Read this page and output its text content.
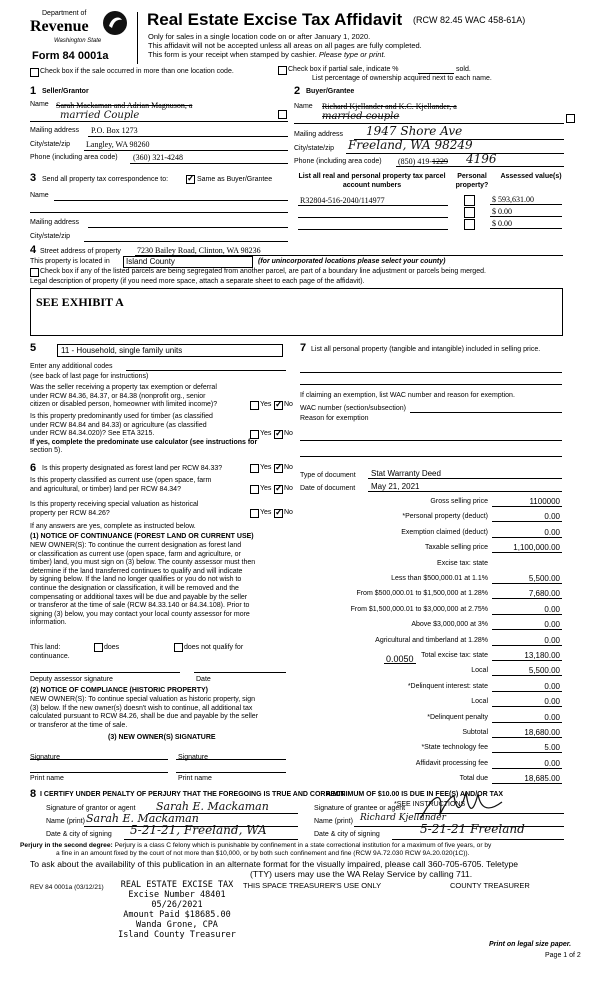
Department of
Revenue
Washington State
Form 84 0001a
Real Estate Excise Tax Affidavit (RCW 82.45 WAC 458-61A)
Only for sales in a single location code on or after January 1, 2020.
This affidavit will not be accepted unless all areas on all pages are fully completed.
This form is your receipt when stamped by cashier. Please type or print.
Check box if the sale occurred in more than one location code.	Check box if partial sale, indicate %	sold.
List percentage of ownership acquired next to each name.
1 Seller/Grantor
Name Sarah Mackaman and Adrian Magnuson, a
married Couple
Mailing address P.O. Box 1273
City/state/zip Langley, WA 98260
Phone (including area code) (360) 321-4248
2 Buyer/Grantee
Name Richard Kjellander and K.C. Kjellander, a
married couple
Mailing address 1947 Shore Ave
City/state/zip Freeland, WA 98249
Phone (including area code) (850) 419-1229 4196
3 Send all property tax correspondence to: ✓	Same as Buyer/Grantee
Name
Mailing address
City/state/zip
List all real and personal property tax parcel account numbers
Personal property?
Assessed value(s)
R32804-516-2040/114977	$ 593,631.00
$ 0.00
$ 0.00
4 Street address of property 7230 Bailey Road, Clinton, WA 98236
This property is located in Island County	(for unincorporated locations please select your county)
Check box if any of the listed parcels are being segregated from another parcel, are part of a boundary line adjustment or parcels being merged.
Legal description of property (if you need more space, attach a separate sheet to each page of the affidavit).
SEE EXHIBIT A
5	11 - Household, single family units
Enter any additional codes
(see back of last page for instructions)
Was the seller receiving a property tax exemption or deferral
under RCW 84.36, 84.37, or 84.38 (nonprofit org., senior
citizen or disabled person, homeowner with limited income)?	Yes ✓ No
Is this property predominantly used for timber (as classified
under RCW 84.84 and 84.33) or agriculture (as classified
under RCW 84.34.020)? See ETA 3215.
If yes, complete the predominate use calculator (see instructions for
section 5).
Yes ✓ No
6 Is this property designated as forest land per RCW 84.33?	Yes ✓ No
Is this property classified as current use (open space, farm
and agricultural, or timber) land per RCW 84.34?	Yes ✓ No
Is this property receiving special valuation as historical
property per RCW 84.26?	Yes ✓ No
If any answers are yes, complete as instructed below.
(1) NOTICE OF CONTINUANCE (FOREST LAND OR CURRENT USE)
NEW OWNER(S): To continue the current designation as forest land
or classification as current use (open space, farm and agriculture, or
timber) land, you must sign on (3) below. The county assessor must then
determine if the land transferred continues to qualify and will indicate
by signing below. If the land no longer qualifies or you do not wish to
continue the designation or classification, it will be removed and the
compensating or additional taxes will be due and payable by the seller
or transferor at the time of sale (RCW 84.33.140 or 84.34.108). Prior to
signing (3) below, you may contact your local county assessor for more
information.
This land:	does	does not qualify for
continuance.
Deputy assessor signature	Date
(2) NOTICE OF COMPLIANCE (HISTORIC PROPERTY)
NEW OWNER(S): To continue special valuation as historic property, sign
(3) below. If the new owner(s) doesn't wish to continue, all additional tax
calculated pursuant to RCW 84.26, shall be due and payable by the seller
or transferor at the time of sale.
(3) NEW OWNER(S) SIGNATURE
Signature	Signature
Print name	Print name
7 List all personal property (tangible and intangible) included in selling price.
If claiming an exemption, list WAC number and reason for exemption.
WAC number (section/subsection)
Reason for exemption
Type of document Stat Warranty Deed
Date of document May 21, 2021
Gross selling price	1100000
*Personal property (deduct)	0.00
Exemption claimed (deduct)	0.00
Taxable selling price	1,100,000.00
Excise tax: state
Less than $500,000.01 at 1.1%	5,500.00
From $500,000.01 to $1,500,000 at 1.28%	7,680.00
From $1,500,000.01 to $3,000,000 at 2.75%	0.00
Above $3,000,000 at 3%	0.00
Agricultural and timberland at 1.28%	0.00
Total excise tax: state	13,180.00
Local	5,500.00
*Delinquent interest: state	0.00
Local	0.00
*Delinquent penalty	0.00
Subtotal	18,680.00
*State technology fee	5.00
Affidavit processing fee	0.00
Total due	18,685.00
0.0050
A MINIMUM OF $10.00 IS DUE IN FEE(S) AND/OR TAX
*SEE INSTRUCTIONS
8 I CERTIFY UNDER PENALTY OF PERJURY THAT THE FOREGOING IS TRUE AND CORRECT
Signature of grantor or agent Sarah E. Mackaman
Name (print) Sarah E. Mackaman
Date & city of signing 5-21-21, Freeland, WA
Signature of grantee or agent
Name (print) Richard Kjellander
Date & city of signing	5-21-21 Freeland
Perjury in the second degree: Perjury is a class C felony which is punishable by confinement in a state correctional institution for a maximum of five years, or by
a fine in an amount fixed by the court of not more than $10,000, or by both such confinement and fine (RCW 9A.72.030 RCW 9A.20.020(1C)).
To ask about the availability of this publication in an alternate format for the visually impaired, please call 360-705-6705. Teletype
(TTY) users may use the WA Relay Service by calling 711.
REV 84 0001a (03/12/21)	REAL ESTATE EXCISE TAX
Excise Number 48401
05/26/2021
Amount Paid $18685.00
Wanda Grone, CPA
Island County Treasurer
THIS SPACE TREASURER'S USE ONLY	COUNTY TREASURER
Print on legal size paper.
Page 1 of 2
